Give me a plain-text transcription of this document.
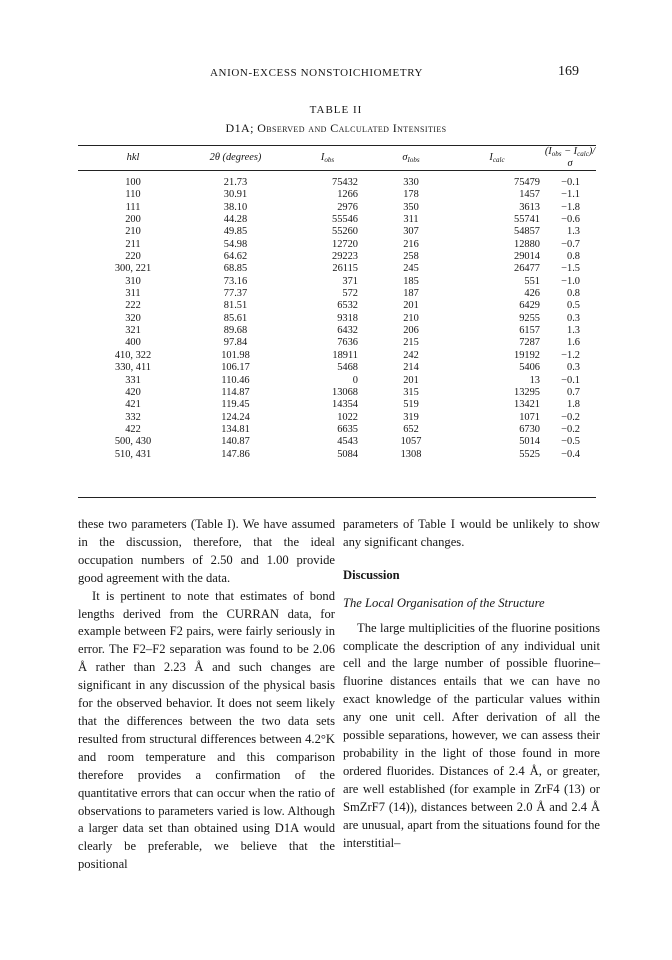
ANION-EXCESS NONSTOICHIOMETRY	169
TABLE II
D1A; Observed and Calculated Intensities
hkl	2θ (degrees)	$I_{obs}$	$\sigma_{Iobs}$	$I_{calc}$	$(I_{obs} - I_{calc})/\sigma$
100	21.73	75432	330	75479	−0.1
110	30.91	1266	178	1457	−1.1
111	38.10	2976	350	3613	−1.8
200	44.28	55546	311	55741	−0.6
210	49.85	55260	307	54857	1.3
211	54.98	12720	216	12880	−0.7
220	64.62	29223	258	29014	0.8
300, 221	68.85	26115	245	26477	−1.5
310	73.16	371	185	551	−1.0
311	77.37	572	187	426	0.8
222	81.51	6532	201	6429	0.5
320	85.61	9318	210	9255	0.3
321	89.68	6432	206	6157	1.3
400	97.84	7636	215	7287	1.6
410, 322	101.98	18911	242	19192	−1.2
330, 411	106.17	5468	214	5406	0.3
331	110.46	0	201	13	−0.1
420	114.87	13068	315	13295	0.7
421	119.45	14354	519	13421	1.8
332	124.24	1022	319	1071	−0.2
422	134.81	6635	652	6730	−0.2
500, 430	140.87	4543	1057	5014	−0.5
510, 431	147.86	5084	1308	5525	−0.4

these two parameters (Table I). We have assumed in the discussion, therefore, that the ideal occupation numbers of 2.50 and 1.00 provide good agreement with the data.

It is pertinent to note that estimates of bond lengths derived from the CURRAN data, for example between F2 pairs, were fairly seriously in error. The F2–F2 separation was found to be 2.06 Å rather than 2.23 Å and such changes are significant in any discussion of the physical basis for the observed behavior. It does not seem likely that the differences between the two data sets resulted from structural differences between 4.2°K and room temperature and this comparison therefore provides a confirmation of the quantitative errors that can occur when the ratio of observations to parameters varied is low. Although a larger data set than obtained using D1A would clearly be preferable, we believe that the positional

parameters of Table I would be unlikely to show any significant changes.

Discussion

The Local Organisation of the Structure

The large multiplicities of the fluorine positions complicate the description of any individual unit cell and the large number of possible fluorine–fluorine distances entails that we can have no exact knowledge of the particular values within any one unit cell. After derivation of all the possible separations, however, we can assess their probability in the light of those found in more ordered fluorides. Distances of 2.4 Å, or greater, are well established (for example in ZrF4 (13) or SmZrF7 (14)), distances between 2.0 Å and 2.4 Å are unusual, apart from the situations found for the interstitial–
